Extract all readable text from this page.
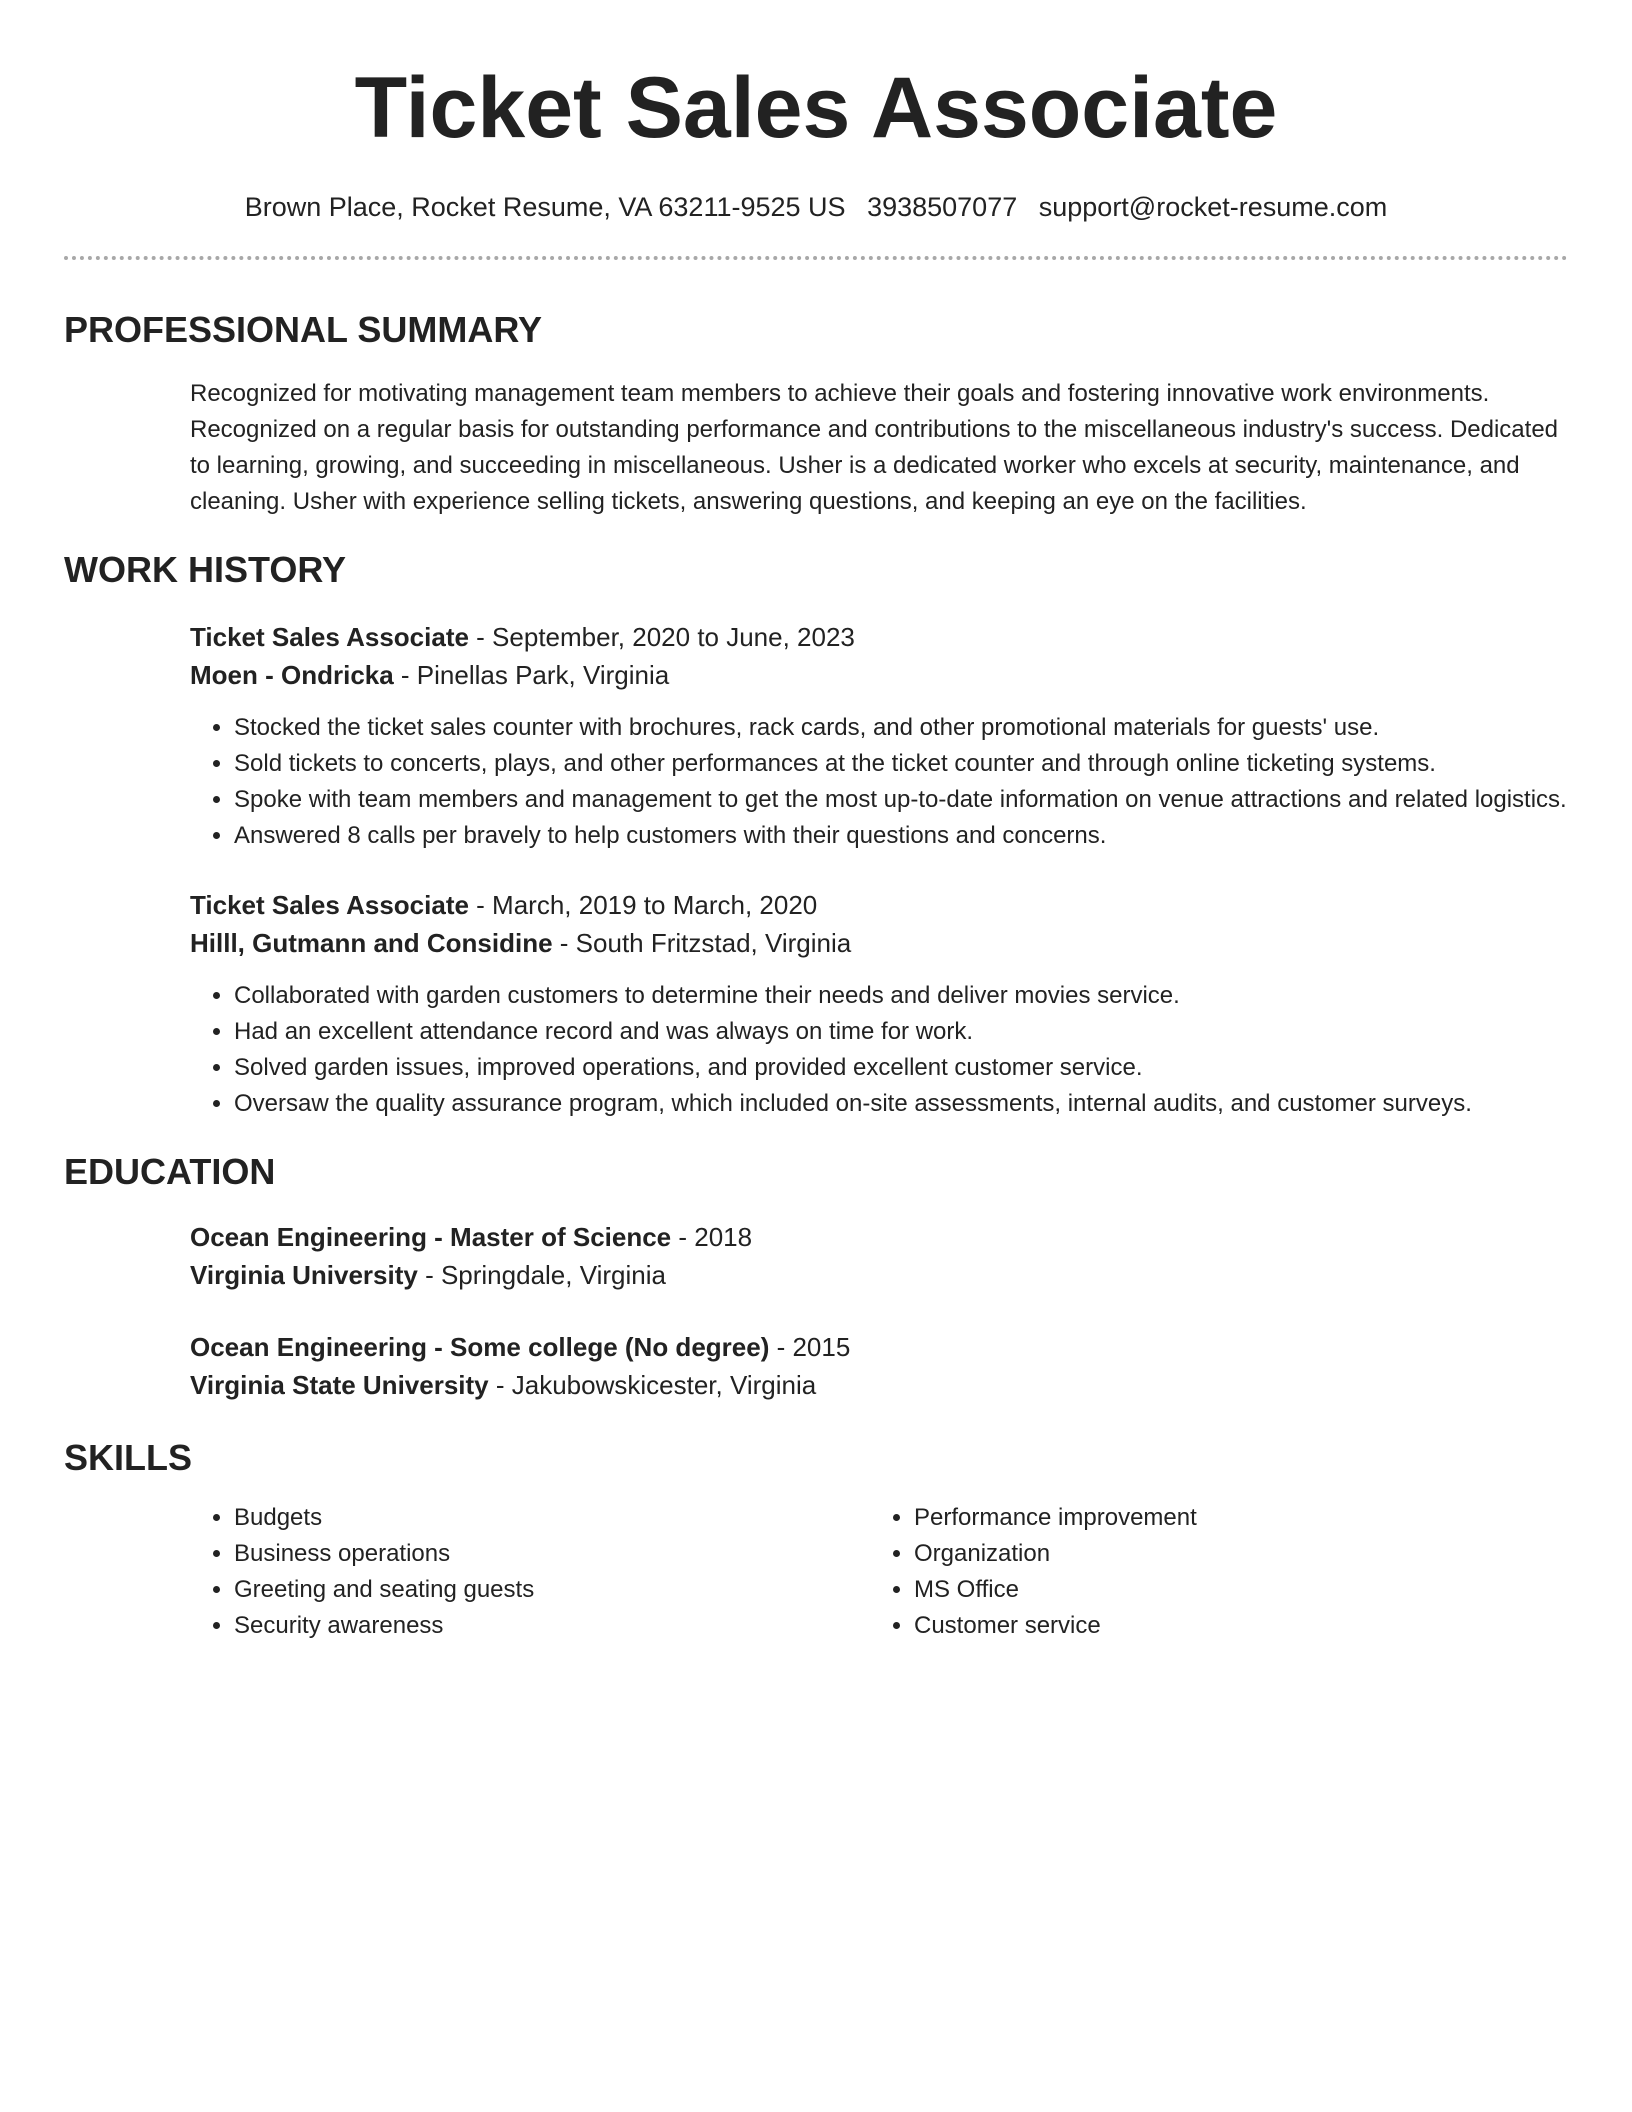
Ticket Sales Associate
Brown Place, Rocket Resume, VA 63211-9525 US 3938507077 support@rocket-resume.com
PROFESSIONAL SUMMARY

Recognized for motivating management team members to achieve their goals and fostering innovative work environments. Recognized on a regular basis for outstanding performance and contributions to the miscellaneous industry's success. Dedicated to learning, growing, and succeeding in miscellaneous. Usher is a dedicated worker who excels at security, maintenance, and cleaning. Usher with experience selling tickets, answering questions, and keeping an eye on the facilities.

WORK HISTORY
Ticket Sales Associate - September, 2020 to June, 2023
Moen - Ondricka - Pinellas Park, Virginia
• Stocked the ticket sales counter with brochures, rack cards, and other promotional materials for guests' use.
• Sold tickets to concerts, plays, and other performances at the ticket counter and through online ticketing systems.
• Spoke with team members and management to get the most up-to-date information on venue attractions and related logistics.
• Answered 8 calls per bravely to help customers with their questions and concerns.
Ticket Sales Associate - March, 2019 to March, 2020
Hilll, Gutmann and Considine - South Fritzstad, Virginia
• Collaborated with garden customers to determine their needs and deliver movies service.
• Had an excellent attendance record and was always on time for work.
• Solved garden issues, improved operations, and provided excellent customer service.
• Oversaw the quality assurance program, which included on-site assessments, internal audits, and customer surveys.
EDUCATION
Ocean Engineering - Master of Science - 2018
Virginia University - Springdale, Virginia
Ocean Engineering - Some college (No degree) - 2015
Virginia State University - Jakubowskicester, Virginia
SKILLS
• Budgets
• Business operations
• Greeting and seating guests
• Security awareness
• Performance improvement
• Organization
• MS Office
• Customer service
